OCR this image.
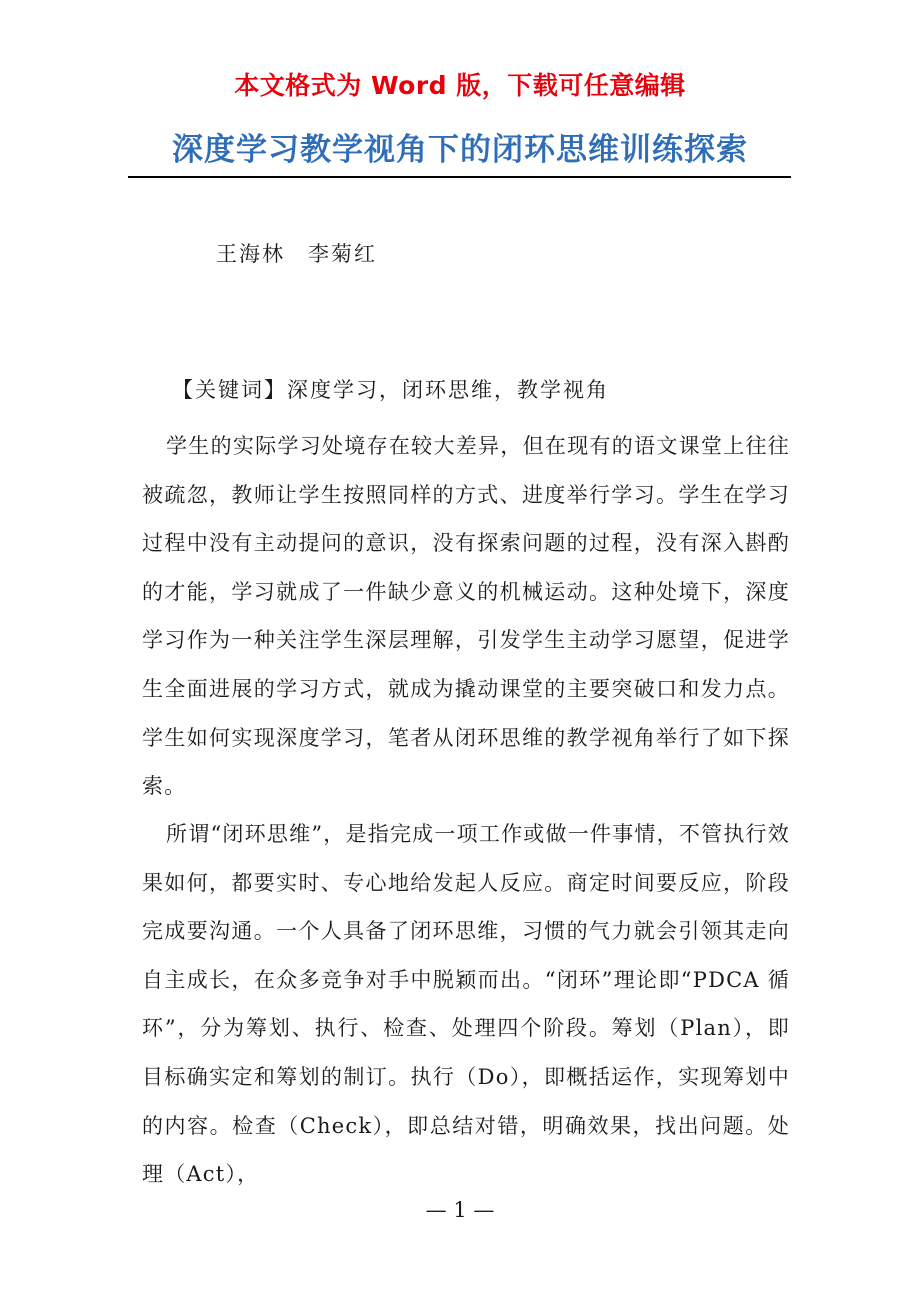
本文格式为 Word 版，下载可任意编辑
深度学习教学视角下的闭环思维训练探索
王海林　李菊红
【关键词】深度学习，闭环思维，教学视角

学生的实际学习处境存在较大差异，但在现有的语文课堂上往往被疏忽，教师让学生按照同样的方式、进度举行学习。学生在学习过程中没有主动提问的意识，没有探索问题的过程，没有深入斟酌的才能，学习就成了一件缺少意义的机械运动。这种处境下，深度学习作为一种关注学生深层理解，引发学生主动学习愿望，促进学生全面进展的学习方式，就成为撬动课堂的主要突破口和发力点。学生如何实现深度学习，笔者从闭环思维的教学视角举行了如下探索。

所谓“闭环思维”，是指完成一项工作或做一件事情，不管执行效果如何，都要实时、专心地给发起人反应。商定时间要反应，阶段完成要沟通。一个人具备了闭环思维，习惯的气力就会引领其走向自主成长，在众多竞争对手中脱颖而出。“闭环”理论即“PDCA 循环”，分为筹划、执行、检查、处理四个阶段。筹划（Plan），即目标确实定和筹划的制订。执行（Do），即概括运作，实现筹划中的内容。检查（Check），即总结对错，明确效果，找出问题。处理（Act），

— 1 —
